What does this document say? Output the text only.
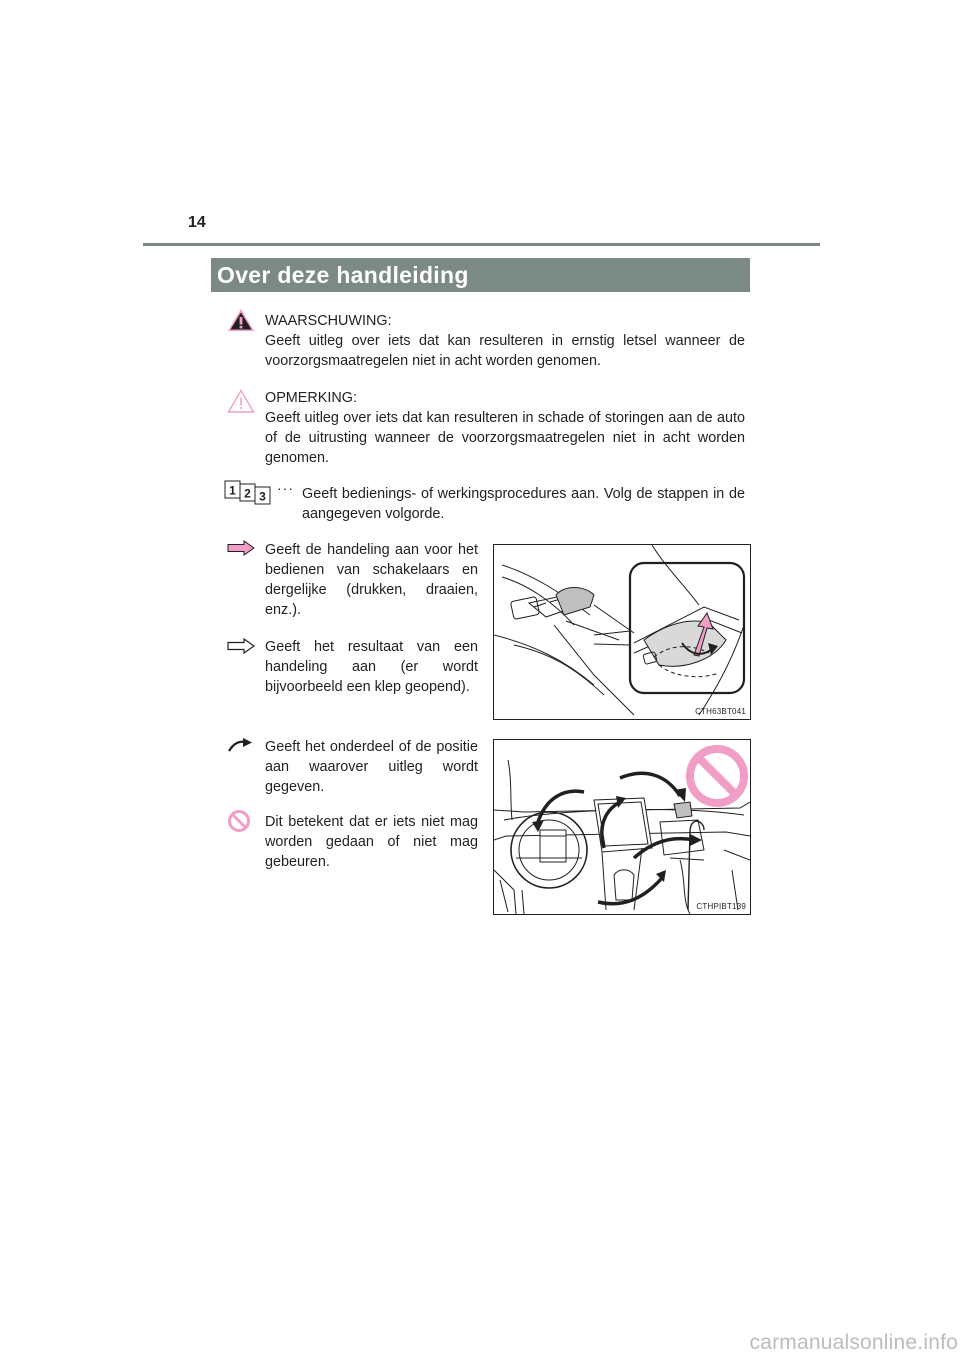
14
Over deze handleiding

WAARSCHUWING:

Geeft uitleg over iets dat kan resulteren in ernstig letsel wanneer de voorzorgsmaatregelen niet in acht worden genomen.

OPMERKING:

Geeft uitleg over iets dat kan resulteren in schade of storingen aan de auto of de uitrusting wanneer de voorzorgsmaatregelen niet in acht worden genomen.

1 2 3
··· Geeft bedienings- of werkingsprocedures aan. Volg de stappen in de aangegeven volgorde.

Geeft de handeling aan voor het bedienen van schakelaars en dergelijke (drukken, draaien, enz.).

Geeft het resultaat van een handeling aan (er wordt bijvoorbeeld een klep geopend).

Geeft het onderdeel of de positie aan waarover uitleg wordt gegeven.

Dit betekent dat er iets niet mag worden gedaan of niet mag gebeuren.

CTH63BT041
CTHPIBT139
carmanualsonline.info
